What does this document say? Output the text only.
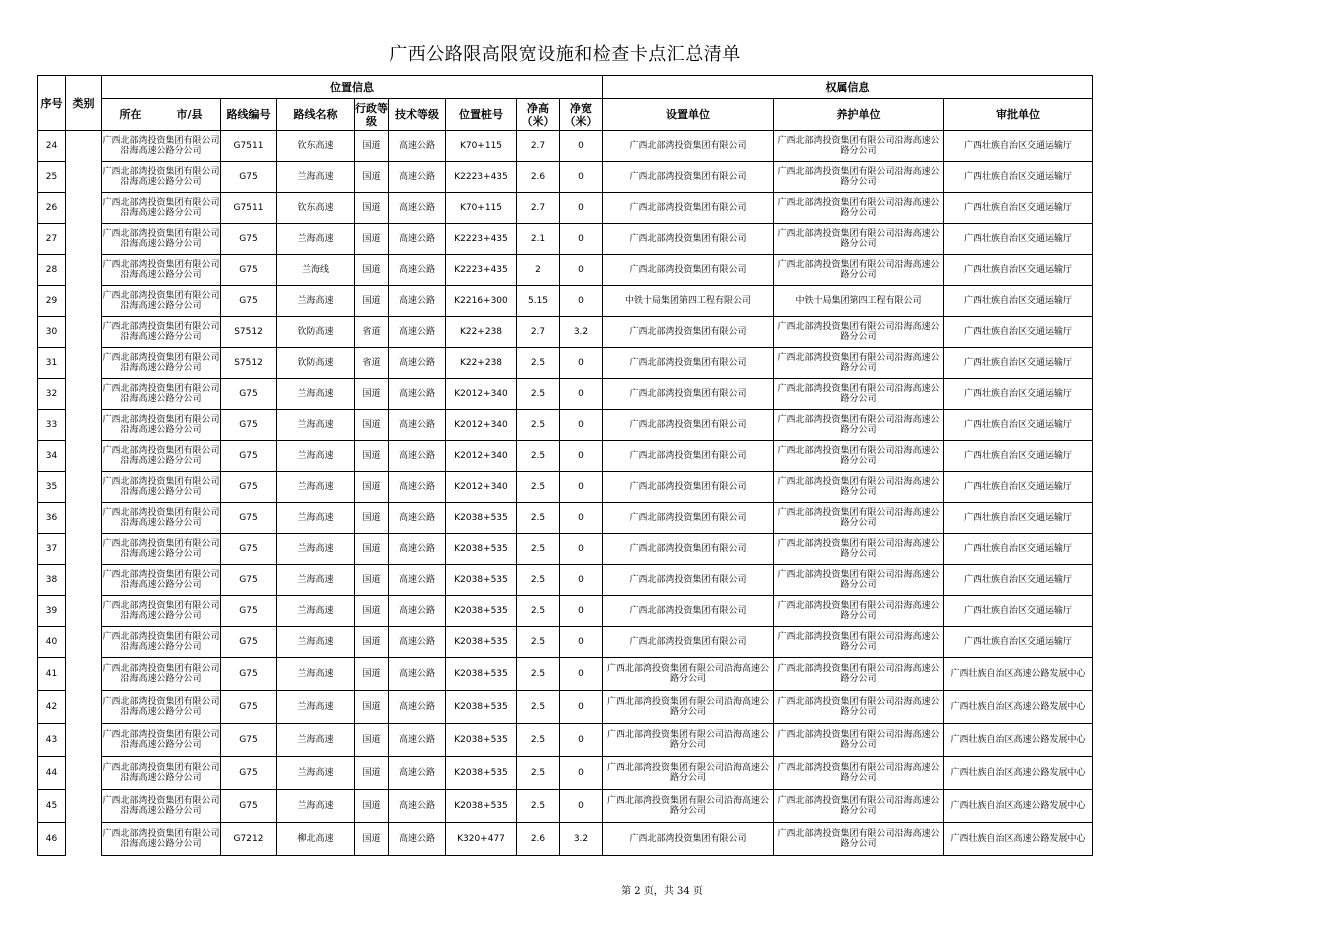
广西公路限高限宽设施和检查卡点汇总清单
序号	类别	位置信息								权属信息		

		所在 市/县	路线编号	路线名称	行政等级	技术等级	位置桩号	净高（米）	净宽（米）	设置单位	养护单位	审批单位
24		广西北部湾投资集团有限公司沿海高速公路分公司	G7511	钦东高速	国道	高速公路	K70+115	2.7	0	广西北部湾投资集团有限公司	广西北部湾投资集团有限公司沿海高速公路分公司	广西壮族自治区交通运输厅
25		广西北部湾投资集团有限公司沿海高速公路分公司	G75	兰海高速	国道	高速公路	K2223+435	2.6	0	广西北部湾投资集团有限公司	广西北部湾投资集团有限公司沿海高速公路分公司	广西壮族自治区交通运输厅
26		广西北部湾投资集团有限公司沿海高速公路分公司	G7511	钦东高速	国道	高速公路	K70+115	2.7	0	广西北部湾投资集团有限公司	广西北部湾投资集团有限公司沿海高速公路分公司	广西壮族自治区交通运输厅
27		广西北部湾投资集团有限公司沿海高速公路分公司	G75	兰海高速	国道	高速公路	K2223+435	2.1	0	广西北部湾投资集团有限公司	广西北部湾投资集团有限公司沿海高速公路分公司	广西壮族自治区交通运输厅
28		广西北部湾投资集团有限公司沿海高速公路分公司	G75	兰海线	国道	高速公路	K2223+435	2	0	广西北部湾投资集团有限公司	广西北部湾投资集团有限公司沿海高速公路分公司	广西壮族自治区交通运输厅
29		广西北部湾投资集团有限公司沿海高速公路分公司	G75	兰海高速	国道	高速公路	K2216+300	5.15	0	中铁十局集团第四工程有限公司	中铁十局集团第四工程有限公司	广西壮族自治区交通运输厅
30		广西北部湾投资集团有限公司沿海高速公路分公司	S7512	钦防高速	省道	高速公路	K22+238	2.7	3.2	广西北部湾投资集团有限公司	广西北部湾投资集团有限公司沿海高速公路分公司	广西壮族自治区交通运输厅
31		广西北部湾投资集团有限公司沿海高速公路分公司	S7512	钦防高速	省道	高速公路	K22+238	2.5	0	广西北部湾投资集团有限公司	广西北部湾投资集团有限公司沿海高速公路分公司	广西壮族自治区交通运输厅
32		广西北部湾投资集团有限公司沿海高速公路分公司	G75	兰海高速	国道	高速公路	K2012+340	2.5	0	广西北部湾投资集团有限公司	广西北部湾投资集团有限公司沿海高速公路分公司	广西壮族自治区交通运输厅
33		广西北部湾投资集团有限公司沿海高速公路分公司	G75	兰海高速	国道	高速公路	K2012+340	2.5	0	广西北部湾投资集团有限公司	广西北部湾投资集团有限公司沿海高速公路分公司	广西壮族自治区交通运输厅
34		广西北部湾投资集团有限公司沿海高速公路分公司	G75	兰海高速	国道	高速公路	K2012+340	2.5	0	广西北部湾投资集团有限公司	广西北部湾投资集团有限公司沿海高速公路分公司	广西壮族自治区交通运输厅
35		广西北部湾投资集团有限公司沿海高速公路分公司	G75	兰海高速	国道	高速公路	K2012+340	2.5	0	广西北部湾投资集团有限公司	广西北部湾投资集团有限公司沿海高速公路分公司	广西壮族自治区交通运输厅
36		广西北部湾投资集团有限公司沿海高速公路分公司	G75	兰海高速	国道	高速公路	K2038+535	2.5	0	广西北部湾投资集团有限公司	广西北部湾投资集团有限公司沿海高速公路分公司	广西壮族自治区交通运输厅
37		广西北部湾投资集团有限公司沿海高速公路分公司	G75	兰海高速	国道	高速公路	K2038+535	2.5	0	广西北部湾投资集团有限公司	广西北部湾投资集团有限公司沿海高速公路分公司	广西壮族自治区交通运输厅
38		广西北部湾投资集团有限公司沿海高速公路分公司	G75	兰海高速	国道	高速公路	K2038+535	2.5	0	广西北部湾投资集团有限公司	广西北部湾投资集团有限公司沿海高速公路分公司	广西壮族自治区交通运输厅
39		广西北部湾投资集团有限公司沿海高速公路分公司	G75	兰海高速	国道	高速公路	K2038+535	2.5	0	广西北部湾投资集团有限公司	广西北部湾投资集团有限公司沿海高速公路分公司	广西壮族自治区交通运输厅
40		广西北部湾投资集团有限公司沿海高速公路分公司	G75	兰海高速	国道	高速公路	K2038+535	2.5	0	广西北部湾投资集团有限公司	广西北部湾投资集团有限公司沿海高速公路分公司	广西壮族自治区交通运输厅
41		广西北部湾投资集团有限公司沿海高速公路分公司	G75	兰海高速	国道	高速公路	K2038+535	2.5	0	广西北部湾投资集团有限公司沿海高速公路分公司	广西北部湾投资集团有限公司沿海高速公路分公司	广西壮族自治区高速公路发展中心
42		广西北部湾投资集团有限公司沿海高速公路分公司	G75	兰海高速	国道	高速公路	K2038+535	2.5	0	广西北部湾投资集团有限公司沿海高速公路分公司	广西北部湾投资集团有限公司沿海高速公路分公司	广西壮族自治区高速公路发展中心
43		广西北部湾投资集团有限公司沿海高速公路分公司	G75	兰海高速	国道	高速公路	K2038+535	2.5	0	广西北部湾投资集团有限公司沿海高速公路分公司	广西北部湾投资集团有限公司沿海高速公路分公司	广西壮族自治区高速公路发展中心
44		广西北部湾投资集团有限公司沿海高速公路分公司	G75	兰海高速	国道	高速公路	K2038+535	2.5	0	广西北部湾投资集团有限公司沿海高速公路分公司	广西北部湾投资集团有限公司沿海高速公路分公司	广西壮族自治区高速公路发展中心
45		广西北部湾投资集团有限公司沿海高速公路分公司	G75	兰海高速	国道	高速公路	K2038+535	2.5	0	广西北部湾投资集团有限公司沿海高速公路分公司	广西北部湾投资集团有限公司沿海高速公路分公司	广西壮族自治区高速公路发展中心
46		广西北部湾投资集团有限公司沿海高速公路分公司	G7212	柳北高速	国道	高速公路	K320+477	2.6	3.2	广西北部湾投资集团有限公司	广西北部湾投资集团有限公司沿海高速公路分公司	广西壮族自治区高速公路发展中心
第 2 页，共 34 页
